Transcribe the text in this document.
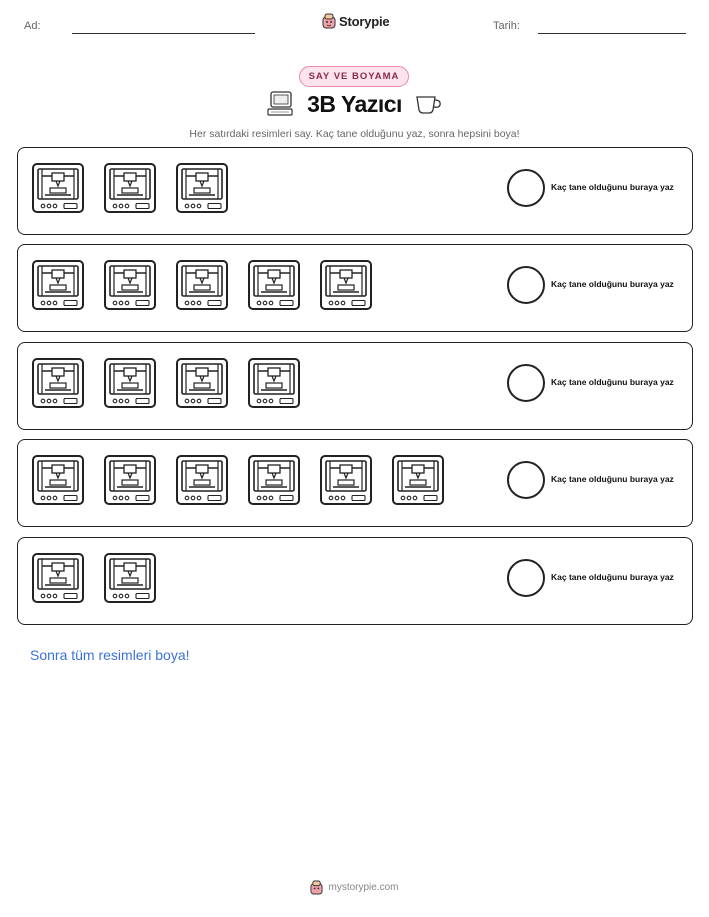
Ad:	Storypie	Tarih:
SAY VE BOYAMA
3B Yazıcı
Her satırdaki resimleri say. Kaç tane olduğunu yaz, sonra hepsini boya!
Kaç tane olduğunu buraya yaz
Kaç tane olduğunu buraya yaz
Kaç tane olduğunu buraya yaz
Kaç tane olduğunu buraya yaz
Kaç tane olduğunu buraya yaz
Sonra tüm resimleri boya!
mystorypie.com
